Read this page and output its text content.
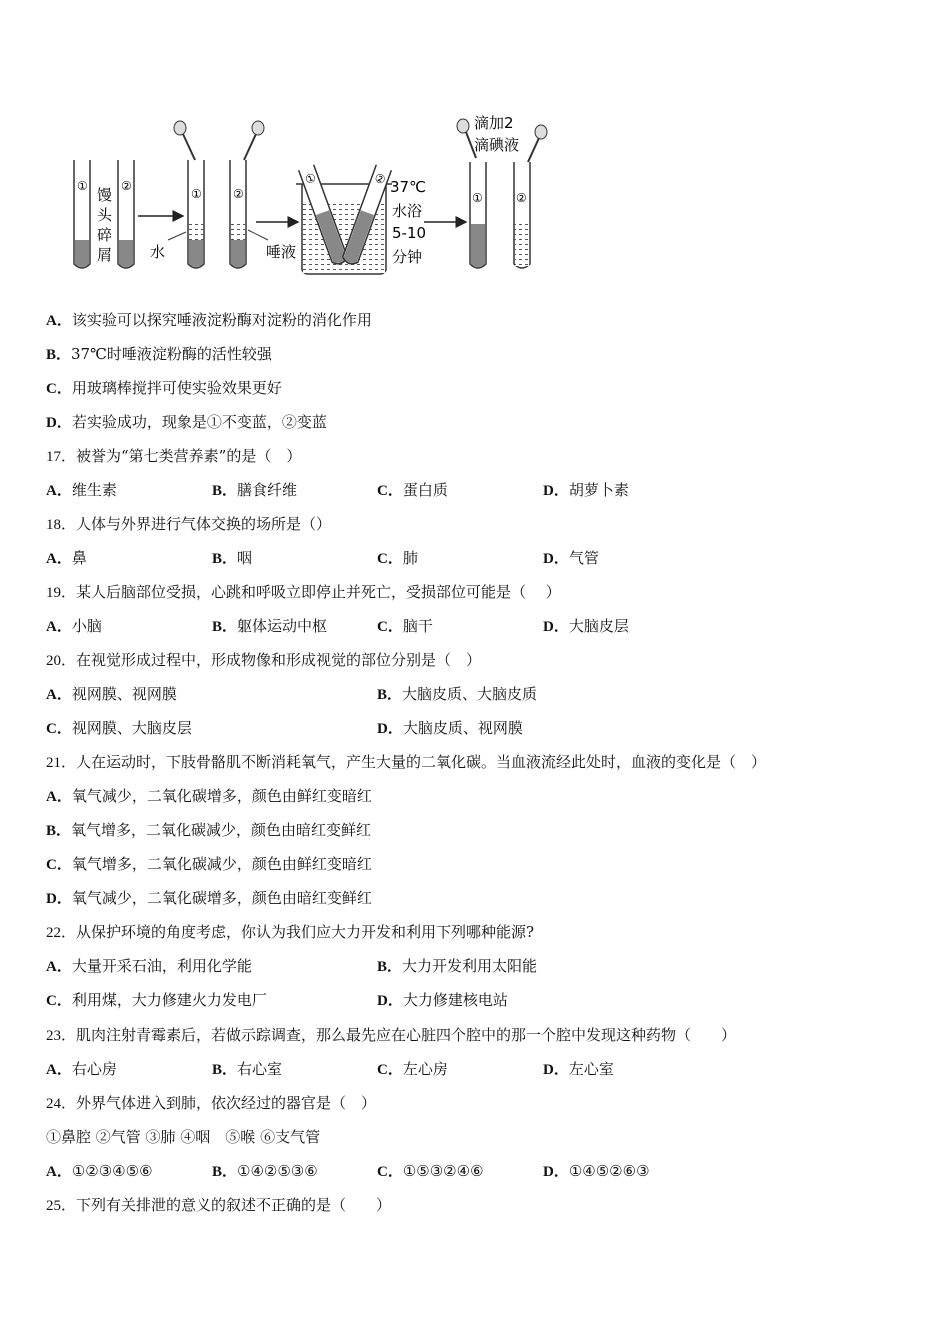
①	②
馒
头
碎
屑
①	②
水	唾液
①	② 37℃
水浴
5-10
分钟
滴加2
滴碘液
①	②
A．该实验可以探究唾液淀粉酶对淀粉的消化作用
B．37℃时唾液淀粉酶的活性较强
C．用玻璃棒搅拌可使实验效果更好
D．若实验成功，现象是①不变蓝，②变蓝
17．被誉为“第七类营养素”的是（　）
A．维生素	B．膳食纤维	C．蛋白质	D．胡萝卜素
18．人体与外界进行气体交换的场所是（）
A．鼻	B．咽	C．肺	D．气管
19．某人后脑部位受损，心跳和呼吸立即停止并死亡，受损部位可能是（　 ）
A．小脑	B．躯体运动中枢	C．脑干	D．大脑皮层
20．在视觉形成过程中，形成物像和形成视觉的部位分别是（　）
A．视网膜、视网膜	B．大脑皮质、大脑皮质
C．视网膜、大脑皮层	D．大脑皮质、视网膜
21．人在运动时，下肢骨骼肌不断消耗氧气，产生大量的二氧化碳。当血液流经此处时，血液的变化是（　）
A．氧气减少，二氧化碳增多，颜色由鲜红变暗红
B．氧气增多，二氧化碳减少，颜色由暗红变鲜红
C．氧气增多，二氧化碳减少，颜色由鲜红变暗红
D．氧气减少，二氧化碳增多，颜色由暗红变鲜红
22．从保护环境的角度考虑，你认为我们应大力开发和利用下列哪种能源?
A．大量开采石油，利用化学能	B．大力开发利用太阳能
C．利用煤，大力修建火力发电厂	D．大力修建核电站
23．肌肉注射青霉素后，若做示踪调查，那么最先应在心脏四个腔中的那一个腔中发现这种药物（　　）
A．右心房	B．右心室	C．左心房	D．左心室
24．外界气体进入到肺，依次经过的器官是（　）
①鼻腔 ②气管 ③肺 ④咽　⑤喉 ⑥支气管
A．①②③④⑤⑥	B．①④②⑤③⑥	C．①⑤③②④⑥	D．①④⑤②⑥③
25．下列有关排泄的意义的叙述不正确的是（　　）
